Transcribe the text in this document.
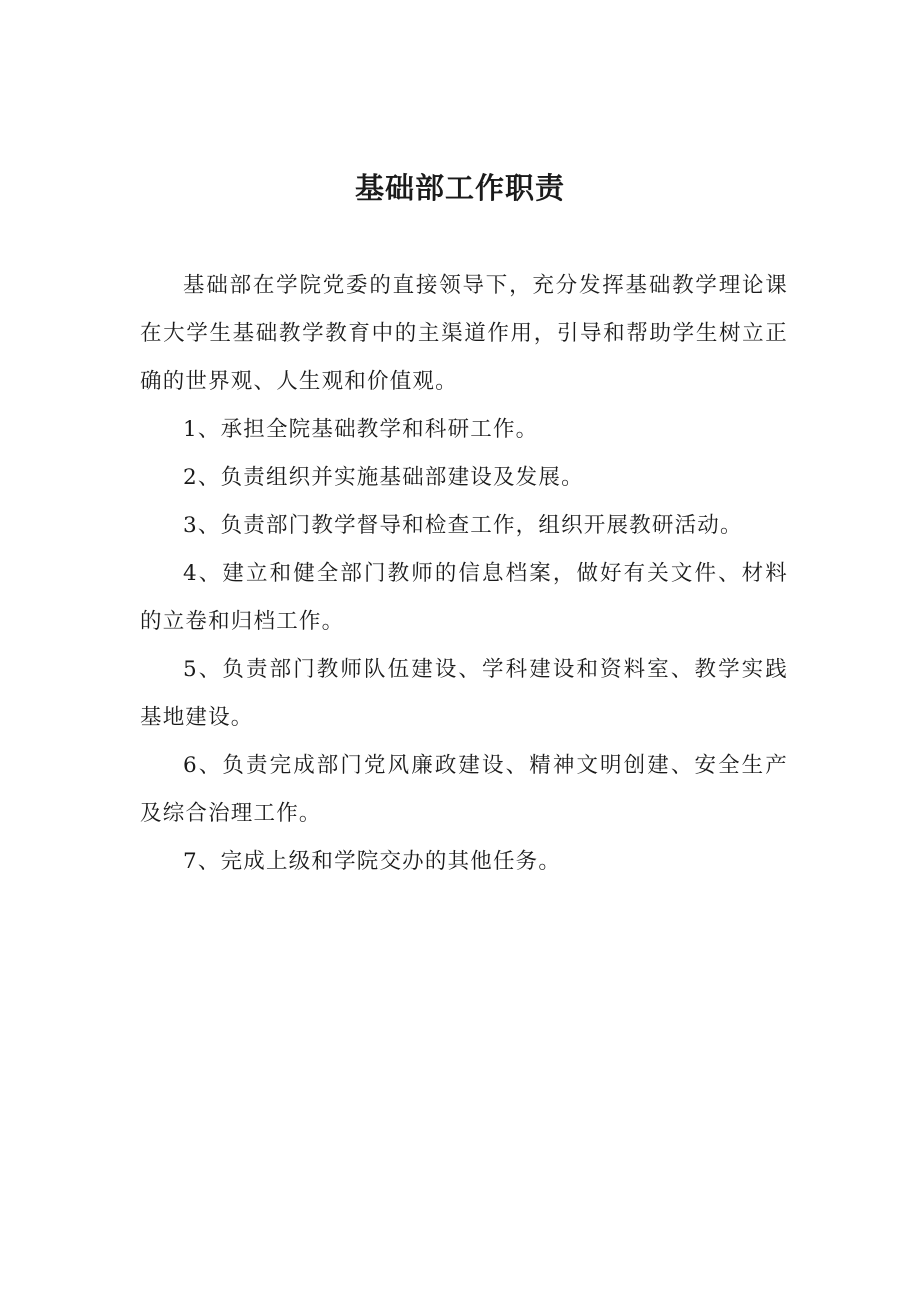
基础部工作职责

基础部在学院党委的直接领导下，充分发挥基础教学理论课在大学生基础教学教育中的主渠道作用，引导和帮助学生树立正确的世界观、人生观和价值观。

1、承担全院基础教学和科研工作。

2、负责组织并实施基础部建设及发展。

3、负责部门教学督导和检查工作，组织开展教研活动。

4、建立和健全部门教师的信息档案，做好有关文件、材料的立卷和归档工作。

5、负责部门教师队伍建设、学科建设和资料室、教学实践基地建设。

6、负责完成部门党风廉政建设、精神文明创建、安全生产及综合治理工作。

7、完成上级和学院交办的其他任务。
